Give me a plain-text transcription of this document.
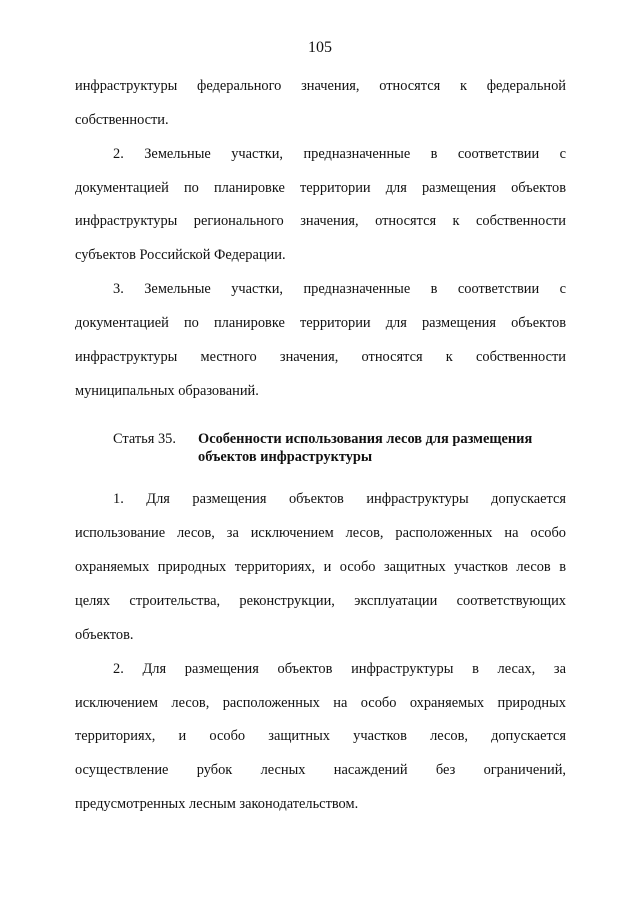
105
инфраструктуры федерального значения, относятся к федеральной
собственности.
2. Земельные участки, предназначенные в соответствии с
документацией по планировке территории для размещения объектов
инфраструктуры регионального значения, относятся к собственности
субъектов Российской Федерации.
3. Земельные участки, предназначенные в соответствии с
документацией по планировке территории для размещения объектов
инфраструктуры местного значения, относятся к собственности
муниципальных образований.
Статья 35. Особенности использования лесов для размещения
объектов инфраструктуры
1. Для размещения объектов инфраструктуры допускается
использование лесов, за исключением лесов, расположенных на особо
охраняемых природных территориях, и особо защитных участков лесов в
целях строительства, реконструкции, эксплуатации соответствующих
объектов.
2. Для размещения объектов инфраструктуры в лесах, за
исключением лесов, расположенных на особо охраняемых природных
территориях, и особо защитных участков лесов, допускается
осуществление рубок лесных насаждений без ограничений,
предусмотренных лесным законодательством.
